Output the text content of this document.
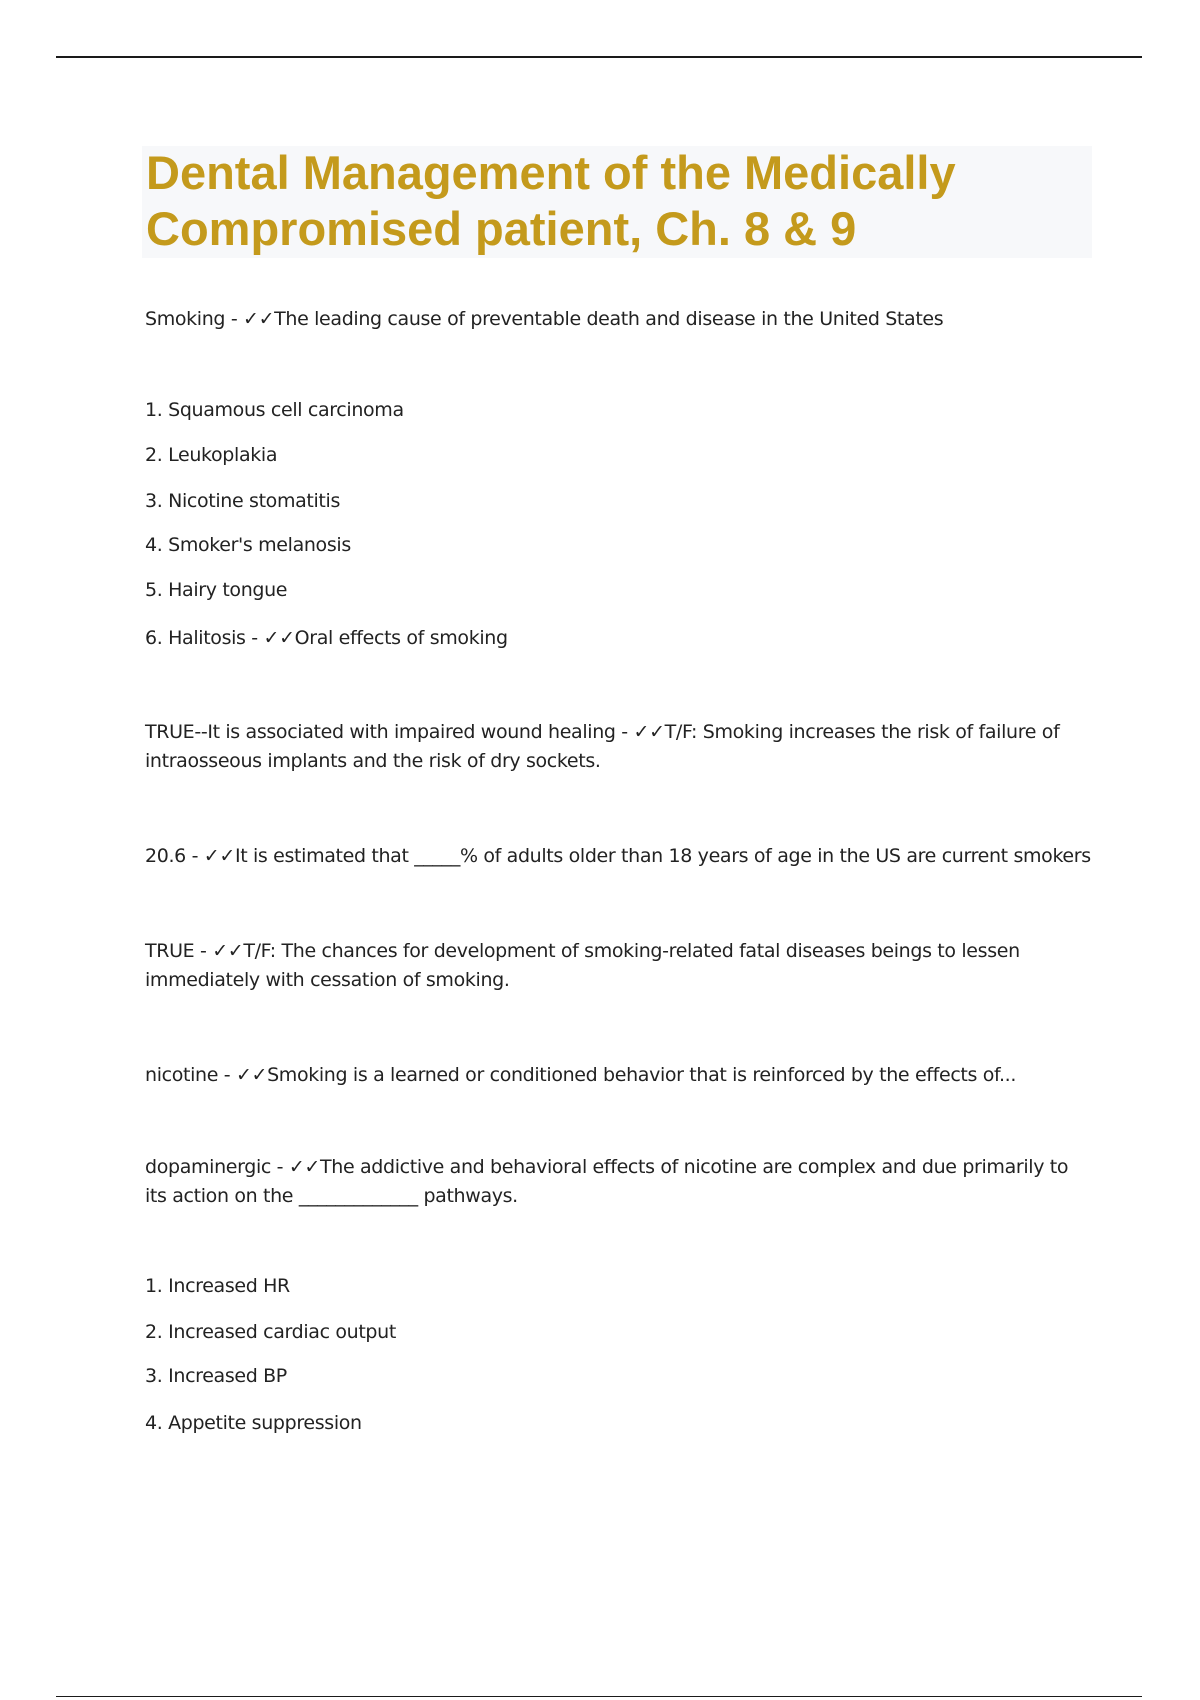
Dental Management of the Medically Compromised patient, Ch. 8 & 9

Smoking - ✓✓The leading cause of preventable death and disease in the United States

1. Squamous cell carcinoma

2. Leukoplakia

3. Nicotine stomatitis

4. Smoker's melanosis

5. Hairy tongue

6. Halitosis - ✓✓Oral effects of smoking

TRUE--It is associated with impaired wound healing - ✓✓T/F: Smoking increases the risk of failure of intraosseous implants and the risk of dry sockets.

20.6 - ✓✓It is estimated that _____% of adults older than 18 years of age in the US are current smokers

TRUE - ✓✓T/F: The chances for development of smoking-related fatal diseases beings to lessen immediately with cessation of smoking.

nicotine - ✓✓Smoking is a learned or conditioned behavior that is reinforced by the effects of...

dopaminergic - ✓✓The addictive and behavioral effects of nicotine are complex and due primarily to its action on the _____________ pathways.

1. Increased HR

2. Increased cardiac output

3. Increased BP

4. Appetite suppression
